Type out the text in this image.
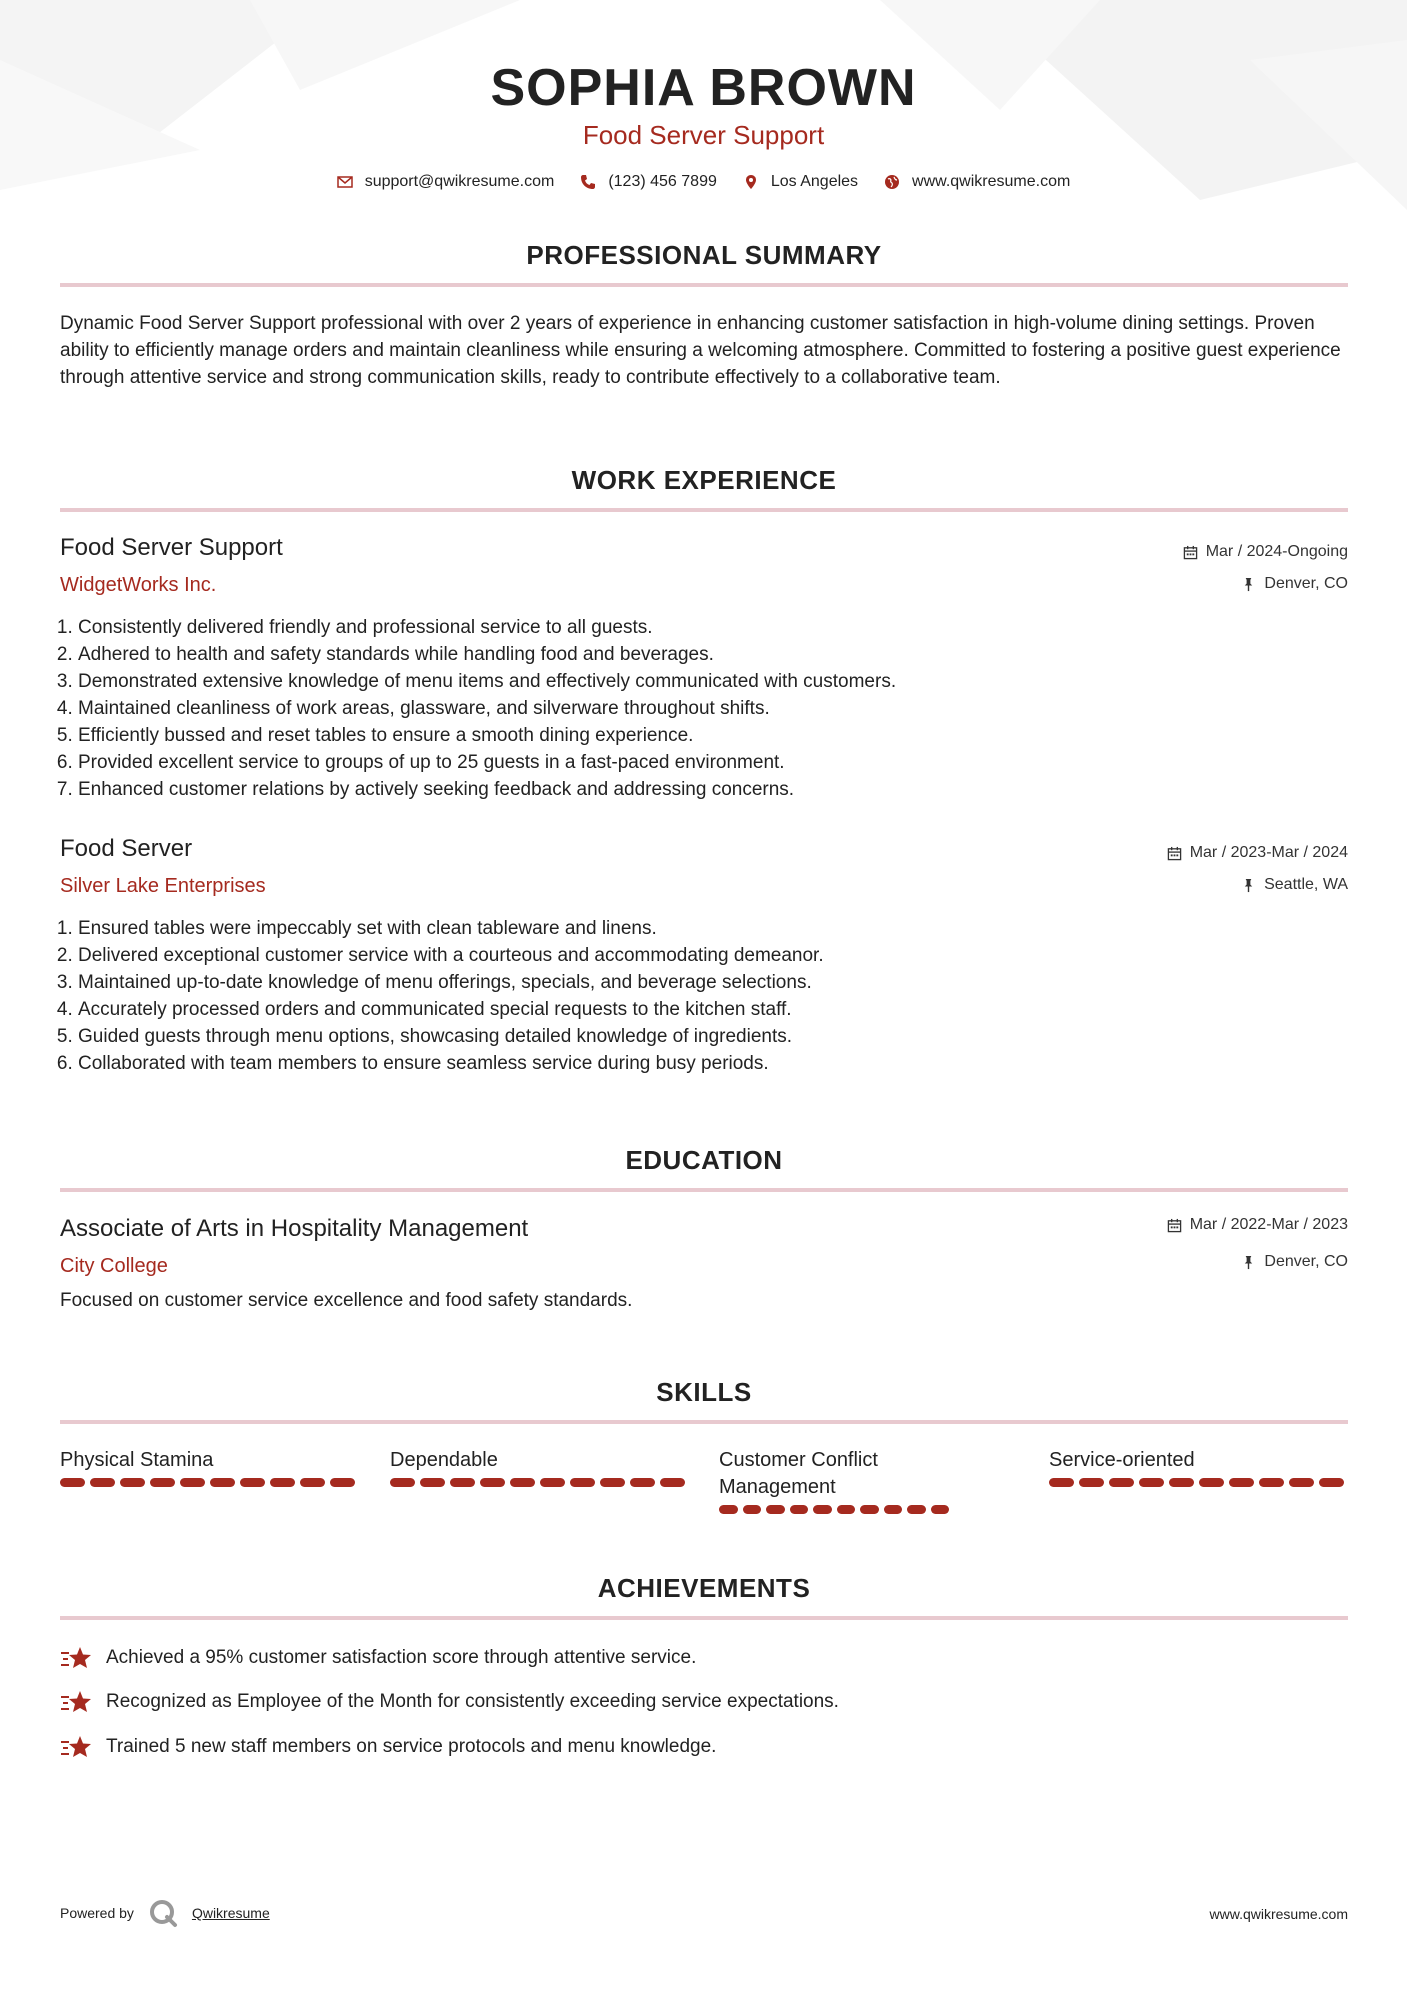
SOPHIA BROWN
Food Server Support
support@qwikresume.com	(123) 456 7899	Los Angeles	www.qwikresume.com
PROFESSIONAL SUMMARY
Dynamic Food Server Support professional with over 2 years of experience in enhancing customer satisfaction in high-volume dining settings. Proven ability to efficiently manage orders and maintain cleanliness while ensuring a welcoming atmosphere. Committed to fostering a positive guest experience through attentive service and strong communication skills, ready to contribute effectively to a collaborative team.
WORK EXPERIENCE
Food Server Support
WidgetWorks Inc.
Mar / 2024-Ongoing
Denver, CO
1. Consistently delivered friendly and professional service to all guests.
2. Adhered to health and safety standards while handling food and beverages.
3. Demonstrated extensive knowledge of menu items and effectively communicated with customers.
4. Maintained cleanliness of work areas, glassware, and silverware throughout shifts.
5. Efficiently bussed and reset tables to ensure a smooth dining experience.
6. Provided excellent service to groups of up to 25 guests in a fast-paced environment.
7. Enhanced customer relations by actively seeking feedback and addressing concerns.
Food Server
Silver Lake Enterprises
Mar / 2023-Mar / 2024
Seattle, WA
1. Ensured tables were impeccably set with clean tableware and linens.
2. Delivered exceptional customer service with a courteous and accommodating demeanor.
3. Maintained up-to-date knowledge of menu offerings, specials, and beverage selections.
4. Accurately processed orders and communicated special requests to the kitchen staff.
5. Guided guests through menu options, showcasing detailed knowledge of ingredients.
6. Collaborated with team members to ensure seamless service during busy periods.
EDUCATION
Associate of Arts in Hospitality Management
City College
Mar / 2022-Mar / 2023
Denver, CO
Focused on customer service excellence and food safety standards.
SKILLS
Physical Stamina	Dependable	Customer Conflict Management
Service-oriented
ACHIEVEMENTS
Achieved a 95% customer satisfaction score through attentive service.
Recognized as Employee of the Month for consistently exceeding service expectations.
Trained 5 new staff members on service protocols and menu knowledge.
Powered by	Qwikresume	www.qwikresume.com
